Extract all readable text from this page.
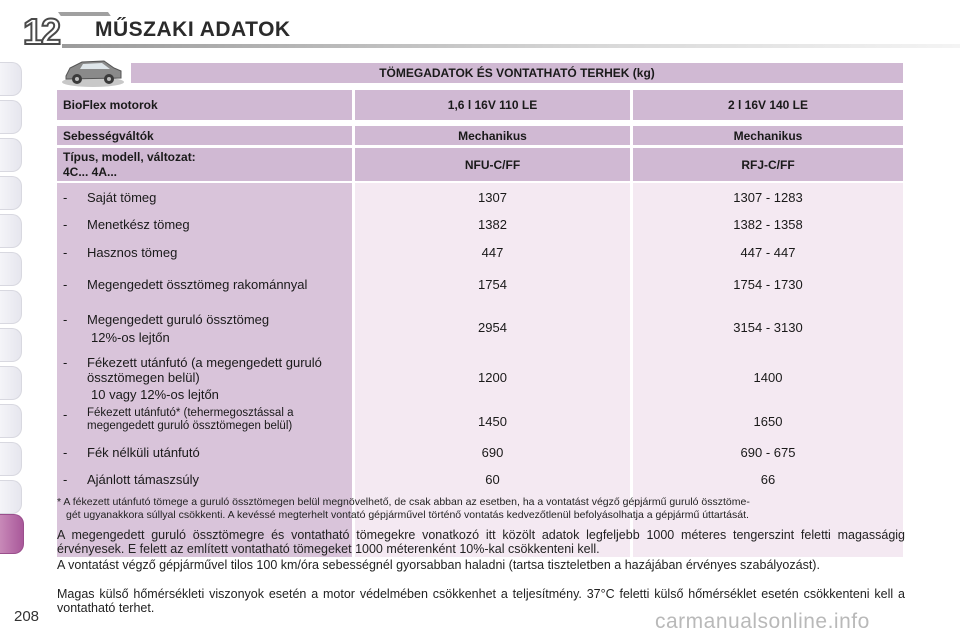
12	MŰSZAKI ADATOK
TÖMEGADATOK ÉS VONTATHATÓ TERHEK (kg)
BioFlex motorok	1,6 l 16V 110 LE	2 l 16V 140 LE
Sebességváltók	Mechanikus	Mechanikus
Típus, modell, változat:
4C... 4A...	NFU-C/FF	RFJ-C/FF
- Saját tömeg	1307	1307 - 1283
- Menetkész tömeg	1382	1382 - 1358
- Hasznos tömeg	447	447 - 447
- Megengedett össztömeg rakománnyal	1754	1754 - 1730
- Megengedett guruló össztömeg
12%-os lejtőn
2954	3154 - 3130
- Fékezett utánfutó (a megengedett guruló össztömegen belül)
10 vagy 12%-os lejtőn
1200	1400
- Fékezett utánfutó* (tehermegosztással a megengedett guruló össztömegen belül)	1450	1650
- Fék nélküli utánfutó	690	690 - 675
- Ajánlott támaszsúly	60	66
* A fékezett utánfutó tömege a guruló össztömegen belül megnövelhető, de csak abban az esetben, ha a vontatást végző gépjármű guruló össztöme-
gét ugyanakkora súllyal csökkenti. A kevéssé megterhelt vontató gépjárművel történő vontatás kedvezőtlenül befolyásolhatja a gépjármű úttartását.
A megengedett guruló össztömegre és vontatható tömegekre vonatkozó itt közölt adatok legfeljebb 1000 méteres tengerszint feletti magasságig érvényesek. E felett az említett vontatható tömegeket 1000 méterenként 10%-kal csökkenteni kell.
A vontatást végző gépjárművel tilos 100 km/óra sebességnél gyorsabban haladni (tartsa tiszteletben a hazájában érvényes szabályozást).
Magas külső hőmérsékleti viszonyok esetén a motor védelmében csökkenhet a teljesítmény. 37°C feletti külső hőmérséklet esetén csökkenteni kell a vontatható terhet.
208	carmanualsonline.info
